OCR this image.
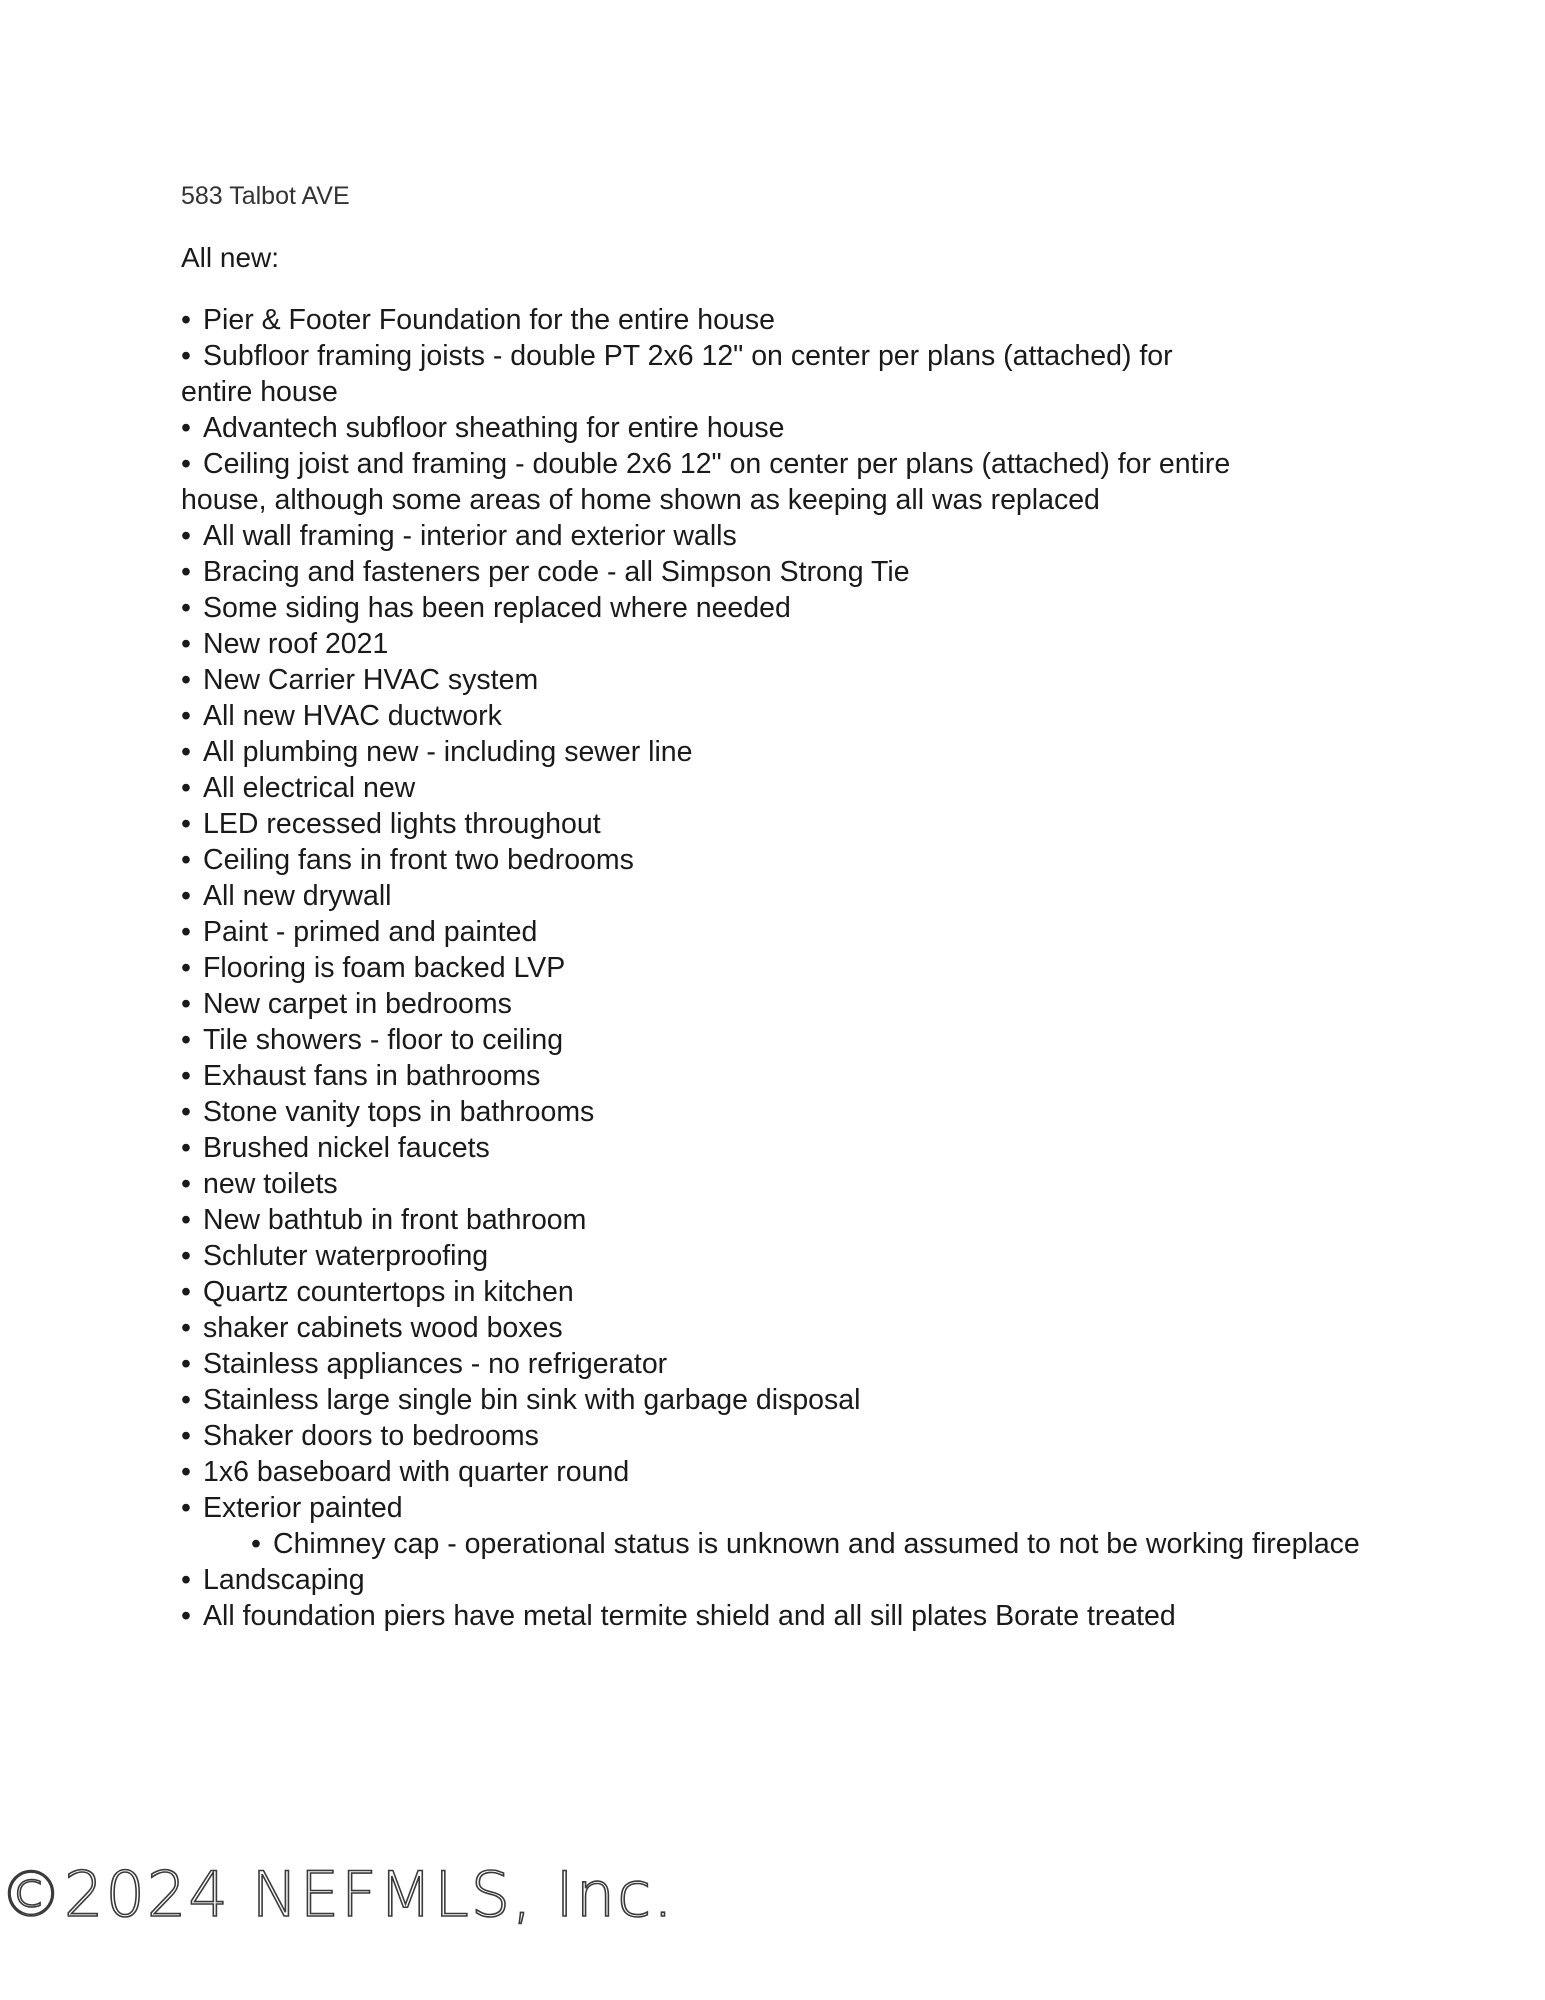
583 Talbot AVE
All new:
• Pier & Footer Foundation for the entire house
• Subfloor framing joists - double PT 2x6 12" on center per plans (attached) for entire house
• Advantech subfloor sheathing for entire house
• Ceiling joist and framing - double 2x6 12" on center per plans (attached) for entire house, although some areas of home shown as keeping all was replaced
• All wall framing - interior and exterior walls
• Bracing and fasteners per code - all Simpson Strong Tie
• Some siding has been replaced where needed
• New roof 2021
• New Carrier HVAC system
• All new HVAC ductwork
• All plumbing new - including sewer line
• All electrical new
• LED recessed lights throughout
• Ceiling fans in front two bedrooms
• All new drywall
• Paint - primed and painted
• Flooring is foam backed LVP
• New carpet in bedrooms
• Tile showers - floor to ceiling
• Exhaust fans in bathrooms
• Stone vanity tops in bathrooms
• Brushed nickel faucets
• new toilets
• New bathtub in front bathroom
• Schluter waterproofing
• Quartz countertops in kitchen
• shaker cabinets wood boxes
• Stainless appliances - no refrigerator
• Stainless large single bin sink with garbage disposal
• Shaker doors to bedrooms
• 1x6 baseboard with quarter round
• Exterior painted
• Chimney cap - operational status is unknown and assumed to not be working fireplace
• Landscaping
• All foundation piers have metal termite shield and all sill plates Borate treated
©2024 NEFMLS, Inc.
